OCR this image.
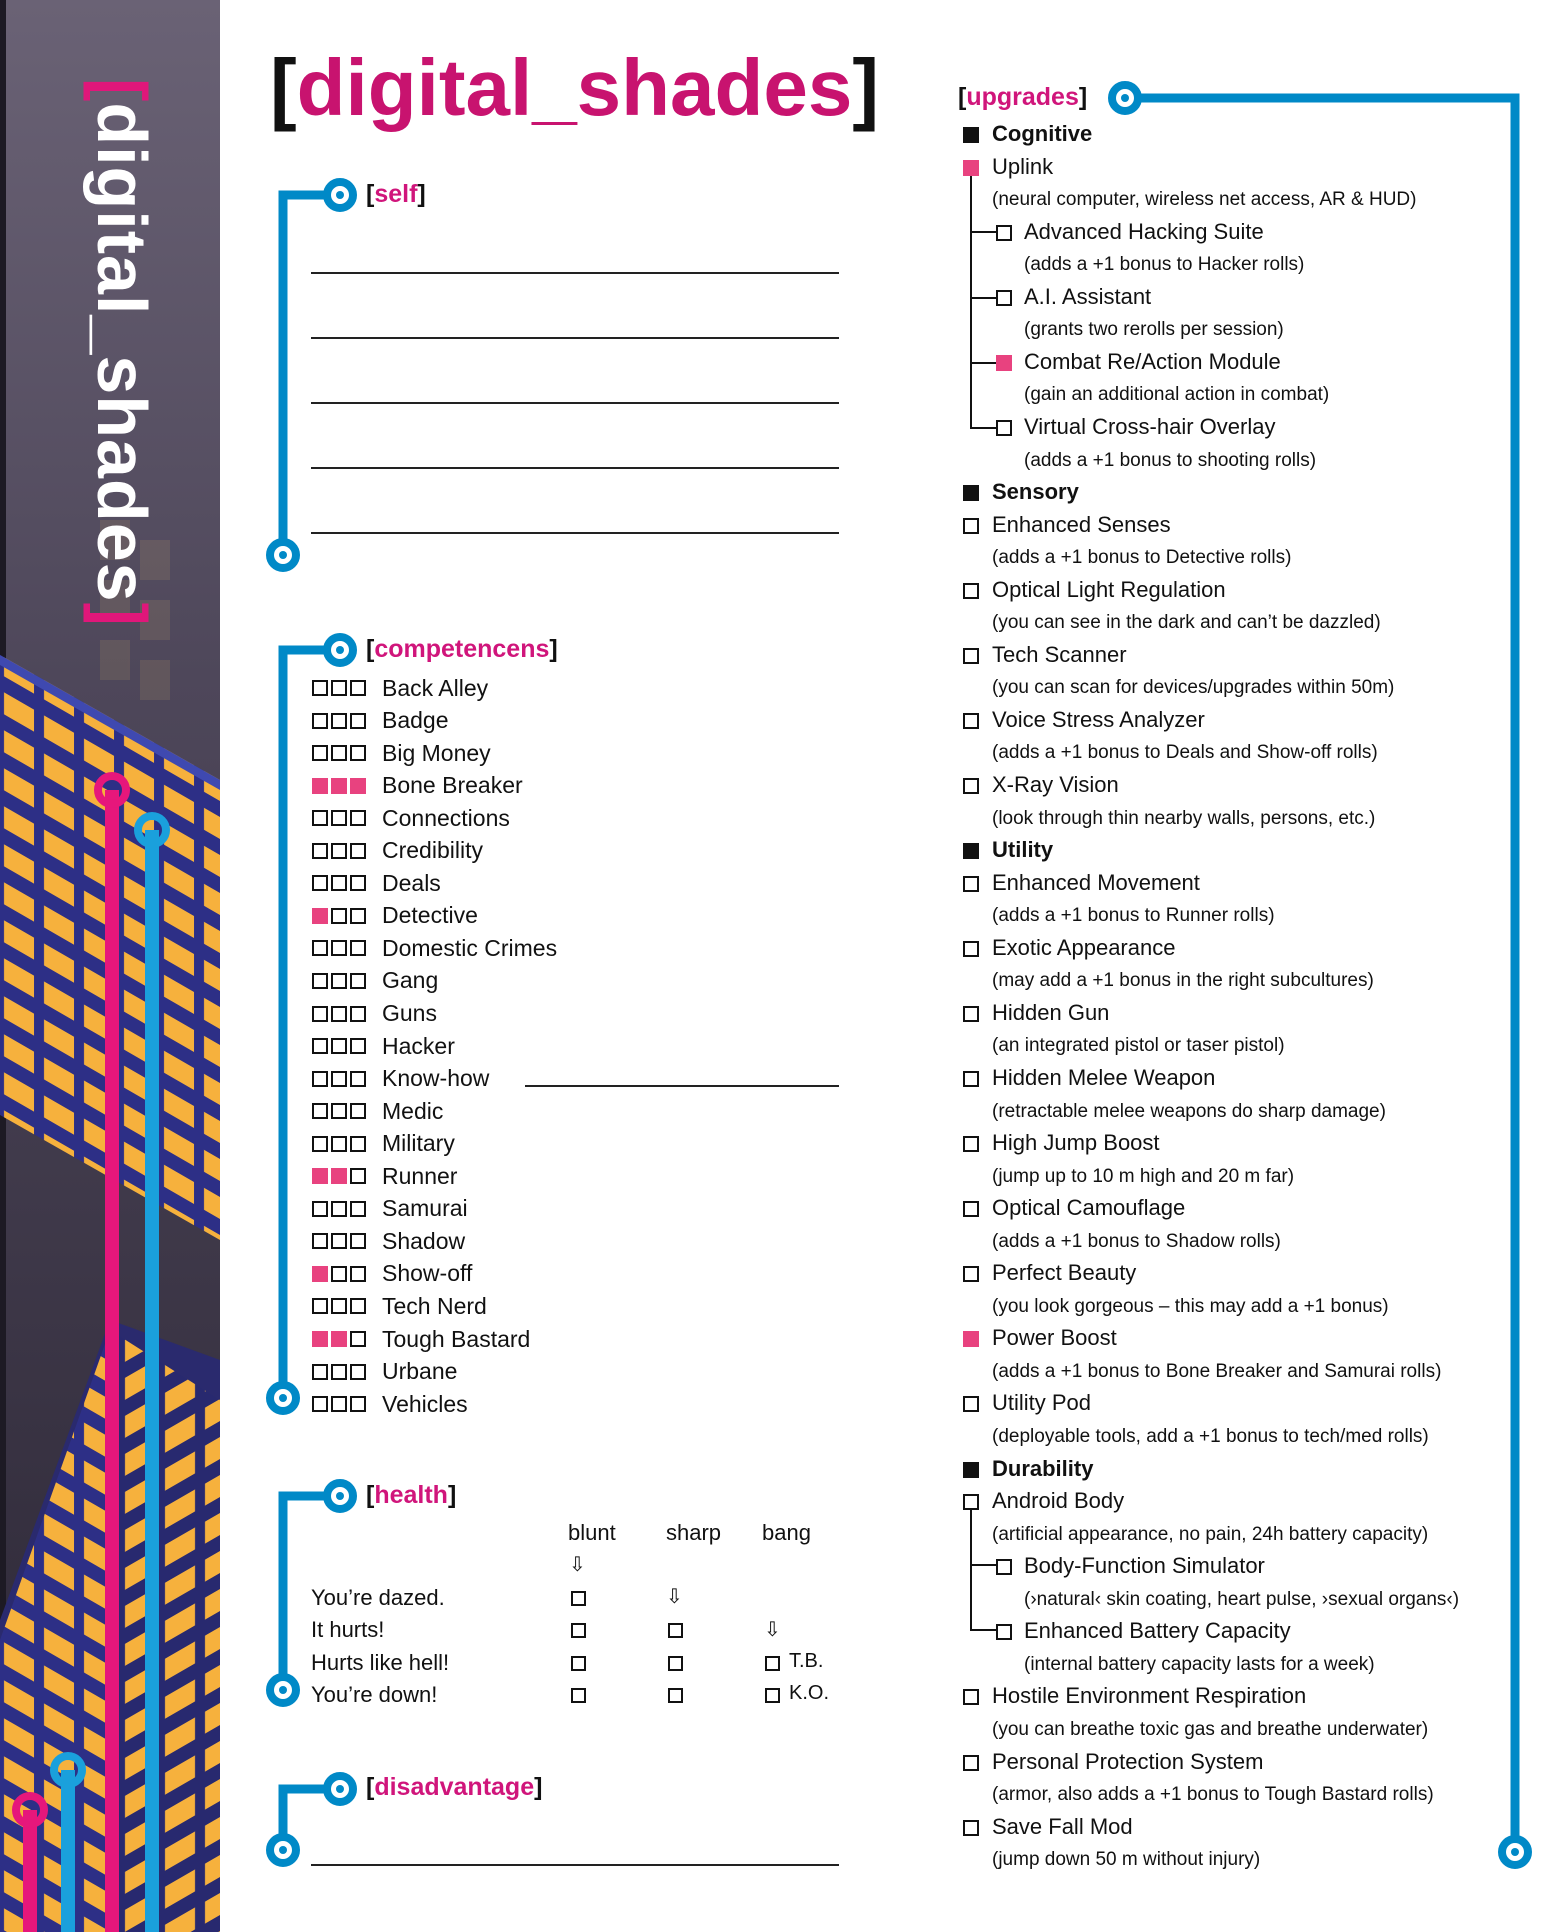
[digital_shades]
[digital_shades]
[self]
[competencens]
Back Alley
Badge
Big Money
Bone Breaker
Connections
Credibility
Deals
Detective
Domestic Crimes
Gang
Guns
Hacker
Know-how
Medic
Military
Runner
Samurai
Shadow
Show-off
Tech Nerd
Tough Bastard
Urbane
Vehicles
[health]
blunt sharp bang
⇩
⇩
⇩
You’re dazed.
It hurts!
Hurts like hell!
You’re down!
T.B.
K.O.
[disadvantage]
[upgrades]
Cognitive
Uplink
(neural computer, wireless net access, AR & HUD)
Advanced Hacking Suite
(adds a +1 bonus to Hacker rolls)
A.I. Assistant
(grants two rerolls per session)
Combat Re/Action Module
(gain an additional action in combat)
Virtual Cross-hair Overlay
(adds a +1 bonus to shooting rolls)
Sensory
Enhanced Senses
(adds a +1 bonus to Detective rolls)
Optical Light Regulation
(you can see in the dark and can’t be dazzled)
Tech Scanner
(you can scan for devices/upgrades within 50m)
Voice Stress Analyzer
(adds a +1 bonus to Deals and Show-off rolls)
X-Ray Vision
(look through thin nearby walls, persons, etc.)
Utility
Enhanced Movement
(adds a +1 bonus to Runner rolls)
Exotic Appearance
(may add a +1 bonus in the right subcultures)
Hidden Gun
(an integrated pistol or taser pistol)
Hidden Melee Weapon
(retractable melee weapons do sharp damage)
High Jump Boost
(jump up to 10 m high and 20 m far)
Optical Camouflage
(adds a +1 bonus to Shadow rolls)
Perfect Beauty
(you look gorgeous – this may add a +1 bonus)
Power Boost
(adds a +1 bonus to Bone Breaker and Samurai rolls)
Utility Pod
(deployable tools, add a +1 bonus to tech/med rolls)
Durability
Android Body
(artificial appearance, no pain, 24h battery capacity)
Body-Function Simulator
(›natural‹ skin coating, heart pulse, ›sexual organs‹)
Enhanced Battery Capacity
(internal battery capacity lasts for a week)
Hostile Environment Respiration
(you can breathe toxic gas and breathe underwater)
Personal Protection System
(armor, also adds a +1 bonus to Tough Bastard rolls)
Save Fall Mod
(jump down 50 m without injury)
